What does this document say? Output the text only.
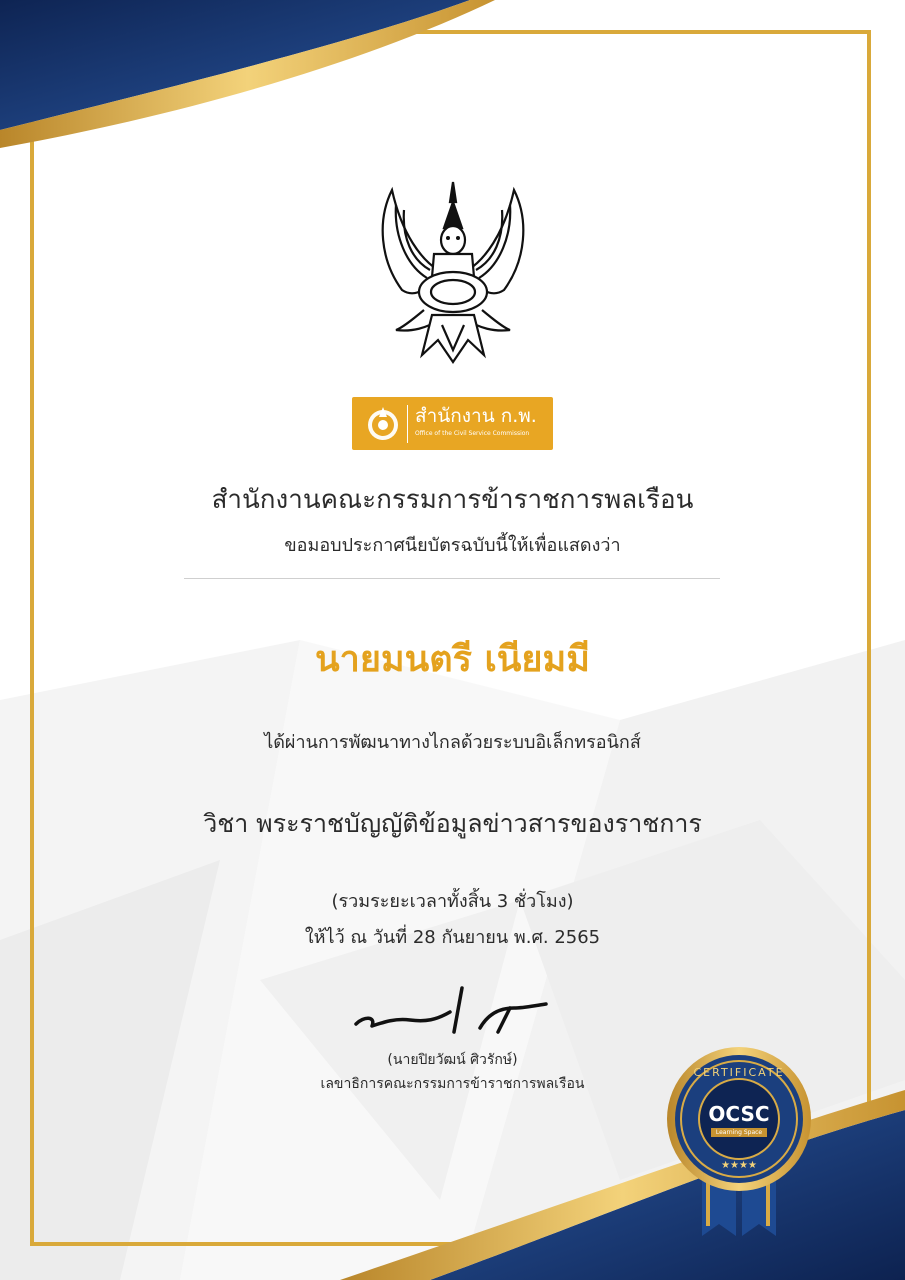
สำนักงาน ก.พ.
Office of the Civil Service Commission
สำนักงานคณะกรรมการข้าราชการพลเรือน
ขอมอบประกาศนียบัตรฉบับนี้ให้เพื่อแสดงว่า
นายมนตรี เนียมมี
ได้ผ่านการพัฒนาทางไกลด้วยระบบอิเล็กทรอนิกส์
วิชา พระราชบัญญัติข้อมูลข่าวสารของราชการ
(รวมระยะเวลาทั้งสิ้น 3 ชั่วโมง)
ให้ไว้ ณ วันที่ 28 กันยายน พ.ศ. 2565
(นายปิยวัฒน์ ศิวรักษ์)
เลขาธิการคณะกรรมการข้าราชการพลเรือน
CERTIFICATE
OCSC
Learning Space
★★★★
